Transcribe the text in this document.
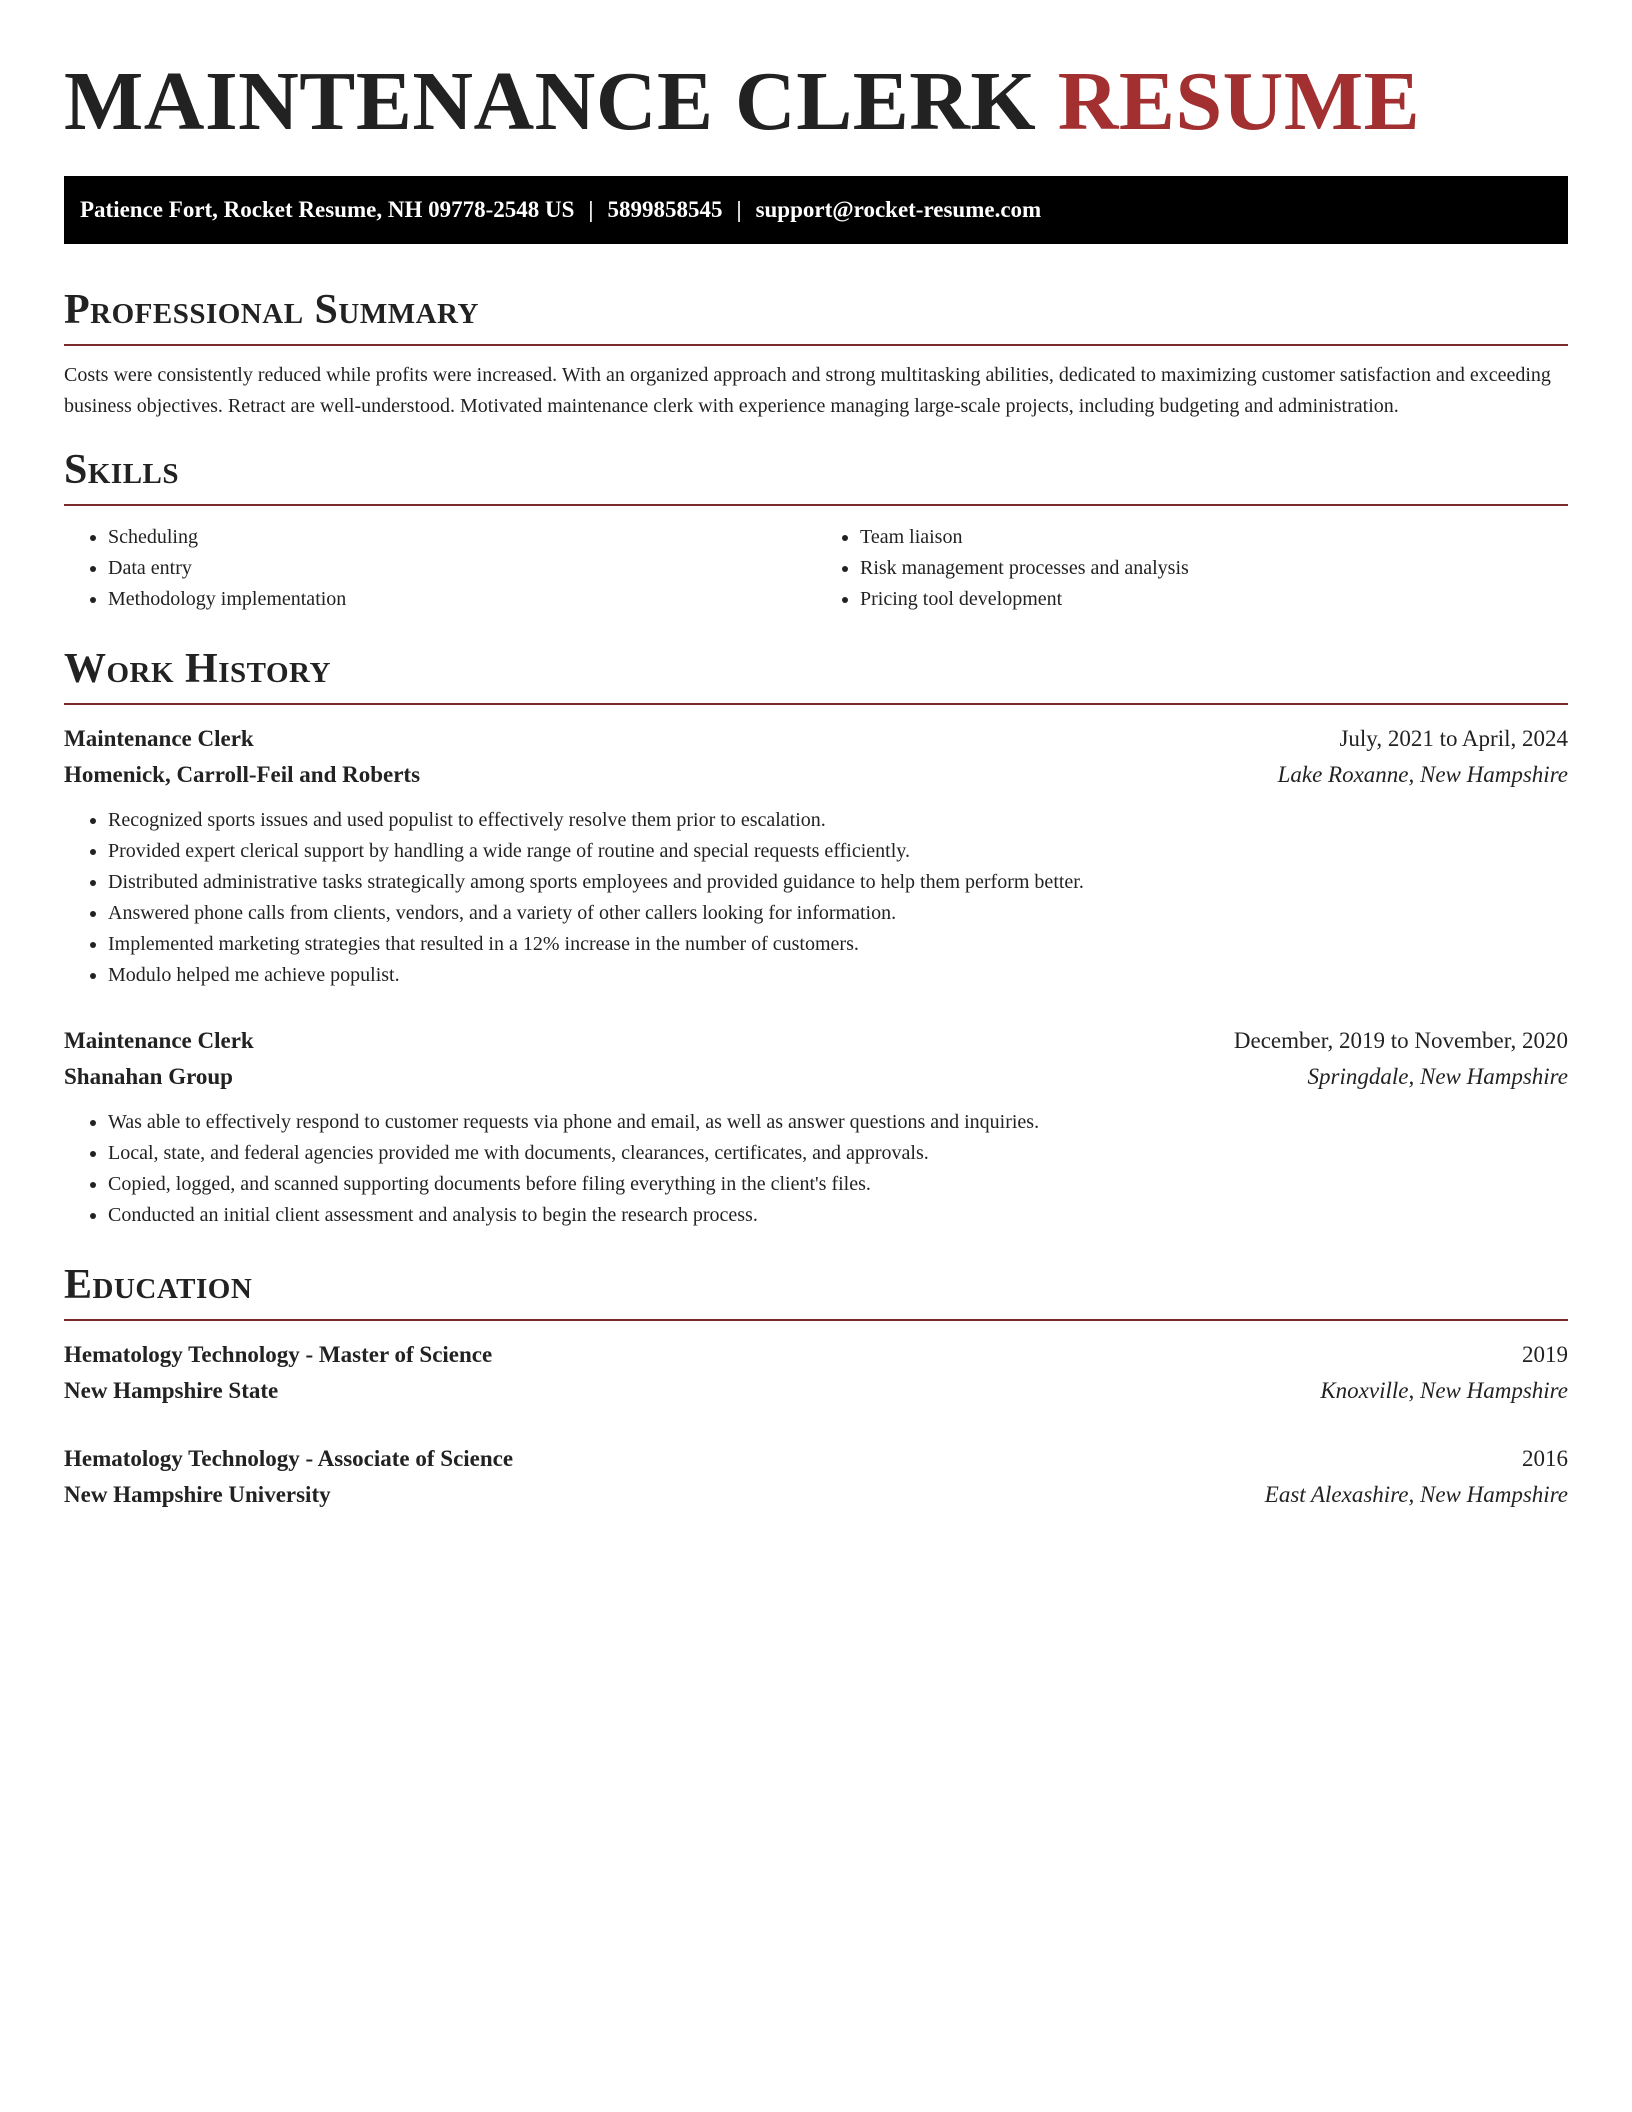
MAINTENANCE CLERK RESUME
Patience Fort, Rocket Resume, NH 09778-2548 US | 5899858545 | support@rocket-resume.com
Professional Summary

Costs were consistently reduced while profits were increased. With an organized approach and strong multitasking abilities, dedicated to maximizing customer satisfaction and exceeding business objectives. Retract are well-understood. Motivated maintenance clerk with experience managing large-scale projects, including budgeting and administration.

Skills
• Scheduling
• Data entry
• Methodology implementation
• Team liaison
• Risk management processes and analysis
• Pricing tool development
Work History
Maintenance Clerk	July, 2021 to April, 2024
Homenick, Carroll-Feil and Roberts	Lake Roxanne, New Hampshire
• Recognized sports issues and used populist to effectively resolve them prior to escalation.
• Provided expert clerical support by handling a wide range of routine and special requests efficiently.
• Distributed administrative tasks strategically among sports employees and provided guidance to help them perform better.
• Answered phone calls from clients, vendors, and a variety of other callers looking for information.
• Implemented marketing strategies that resulted in a 12% increase in the number of customers.
• Modulo helped me achieve populist.
Maintenance Clerk	December, 2019 to November, 2020
Shanahan Group	Springdale, New Hampshire
• Was able to effectively respond to customer requests via phone and email, as well as answer questions and inquiries.
• Local, state, and federal agencies provided me with documents, clearances, certificates, and approvals.
• Copied, logged, and scanned supporting documents before filing everything in the client's files.
• Conducted an initial client assessment and analysis to begin the research process.
Education
Hematology Technology - Master of Science	2019
New Hampshire State	Knoxville, New Hampshire
Hematology Technology - Associate of Science	2016
New Hampshire University	East Alexashire, New Hampshire
